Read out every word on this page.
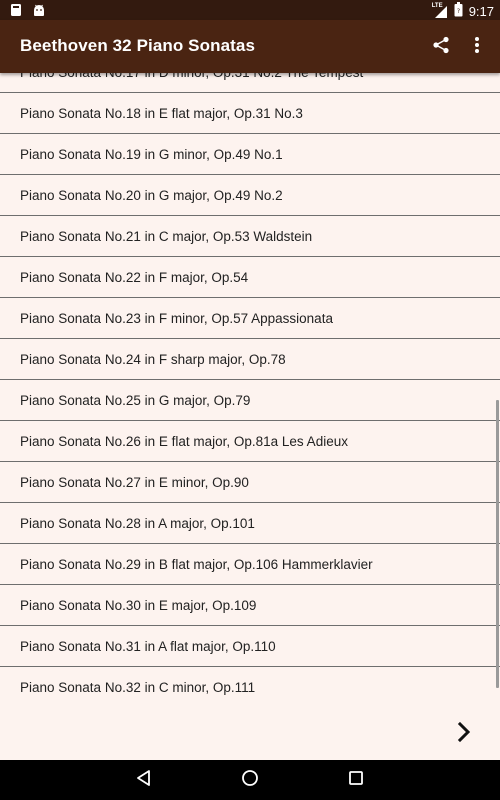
LTE
? 9:17
Beethoven 32 Piano Sonatas
Piano Sonata No.18 in E flat major, Op.31 No.3
Piano Sonata No.19 in G minor, Op.49 No.1
Piano Sonata No.20 in G major, Op.49 No.2
Piano Sonata No.21 in C major, Op.53 Waldstein
Piano Sonata No.22 in F major, Op.54
Piano Sonata No.23 in F minor, Op.57 Appassionata
Piano Sonata No.24 in F sharp major, Op.78
Piano Sonata No.25 in G major, Op.79
Piano Sonata No.26 in E flat major, Op.81a Les Adieux
Piano Sonata No.27 in E minor, Op.90
Piano Sonata No.28 in A major, Op.101
Piano Sonata No.29 in B flat major, Op.106 Hammerklavier
Piano Sonata No.30 in E major, Op.109
Piano Sonata No.31 in A flat major, Op.110
Piano Sonata No.32 in C minor, Op.111
